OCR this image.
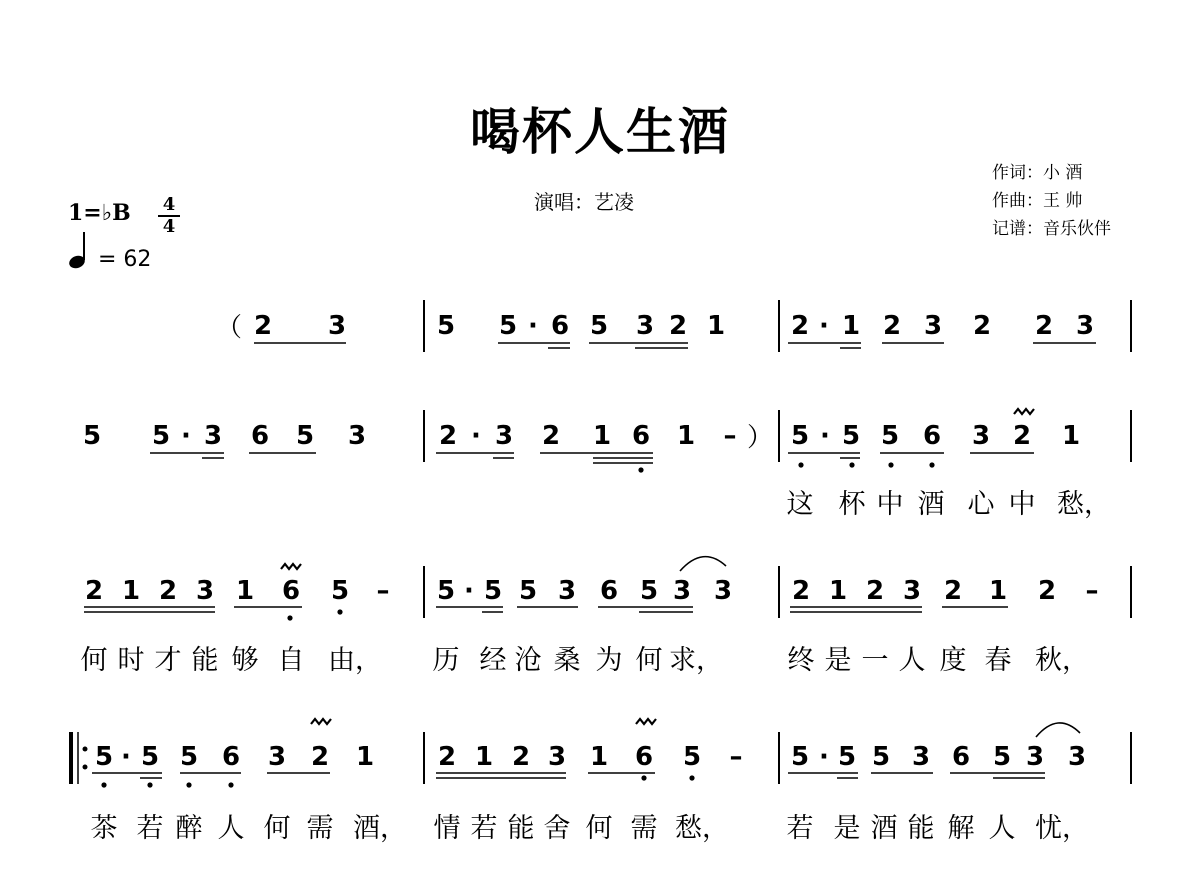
喝杯人生酒
演唱：艺凌
作词：小 酒
作曲：王 帅
记谱：音乐伙伴
1=♭B 4
4
= 62
（ 2 3	5 5 · 6 5 3 2 1	2 · 1 2 3 2 2 3
5 5 · 3 6 5 3	2 · 3 2 1 6 1 – ） 5 · 5 5 6 3 2 1
这 杯 中 酒 心 中 愁，
2 1 2 3 1 6 5 – 5 · 5 5 3 6 5 3 3 2 1 2 3 2 1 2 –
何 时 才 能 够 自 由， 历 经 沧 桑 为 何 求， 终 是 一 人 度 春 秋，
5 · 5 5 6 3 2 1 2 1 2 3 1 6 5 – 5 · 5 5 3 6 5 3 3
茶 若 醉 人 何 需 酒， 情 若 能 舍 何 需 愁， 若 是 酒 能 解 人 忧，
